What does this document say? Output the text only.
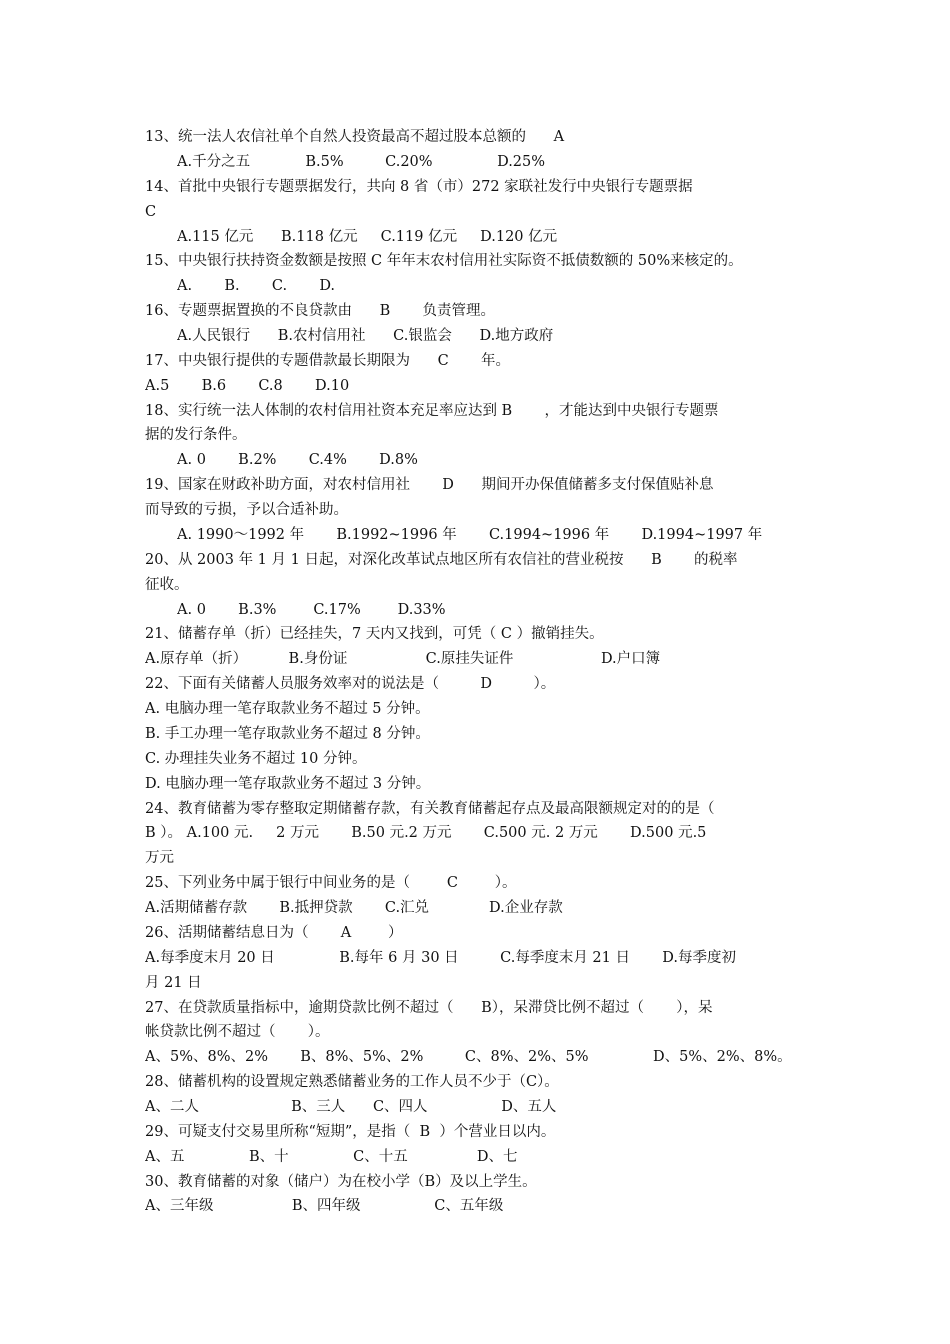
13、统一法人农信社单个自然人投资最高不超过股本总额的      A
A.千分之五            B.5%         C.20%              D.25%
14、首批中央银行专题票据发行，共向 8 省（市）272 家联社发行中央银行专题票据
C
A.115 亿元      B.118 亿元     C.119 亿元     D.120 亿元
15、中央银行扶持资金数额是按照 C 年年末农村信用社实际资不抵债数额的 50%来核定的。
A.       B.       C.       D.
16、专题票据置换的不良贷款由      B       负责管理。
A.人民银行      B.农村信用社      C.银监会      D.地方政府
17、中央银行提供的专题借款最长期限为      C       年。
A.5       B.6       C.8       D.10
18、实行统一法人体制的农村信用社资本充足率应达到 B       ，才能达到中央银行专题票
据的发行条件。
A. 0       B.2%       C.4%       D.8%
19、国家在财政补助方面，对农村信用社       D      期间开办保值储蓄多支付保值贴补息
而导致的亏损，予以合适补助。
A. 1990～1992 年       B.1992~1996 年       C.1994~1996 年       D.1994~1997 年
20、从 2003 年 1 月 1 日起，对深化改革试点地区所有农信社的营业税按      B       的税率
征收。
A. 0       B.3%        C.17%        D.33%
21、储蓄存单（折）已经挂失，7 天内又找到，可凭（ C ）撤销挂失。
A.原存单（折）         B.身份证                 C.原挂失证件                   D.户口簿
22、下面有关储蓄人员服务效率对的说法是（         D         ）。
A. 电脑办理一笔存取款业务不超过 5 分钟。
B. 手工办理一笔存取款业务不超过 8 分钟。
C. 办理挂失业务不超过 10 分钟。
D. 电脑办理一笔存取款业务不超过 3 分钟。
24、教育储蓄为零存整取定期储蓄存款，有关教育储蓄起存点及最高限额规定对的的是（
B ）。 A.100 元.     2 万元       B.50 元.2 万元       C.500 元. 2 万元       D.500 元.5
万元
25、下列业务中属于银行中间业务的是（        C        ）。
A.活期储蓄存款       B.抵押贷款       C.汇兑             D.企业存款
26、活期储蓄结息日为（       A        ）
A.每季度末月 20 日              B.每年 6 月 30 日         C.每季度末月 21 日       D.每季度初
月 21 日
27、在贷款质量指标中，逾期贷款比例不超过（      B），呆滞贷比例不超过（       ），呆
帐贷款比例不超过（       ）。
A、5%、8%、2%       B、8%、5%、2%         C、8%、2%、5%              D、5%、2%、8%。
28、储蓄机构的设置规定熟悉储蓄业务的工作人员不少于（C）。
A、二人                    B、三人      C、四人                D、五人
29、可疑支付交易里所称“短期”，是指（  B  ）个营业日以内。
A、五              B、十              C、十五               D、七
30、教育储蓄的对象（储户）为在校小学（B）及以上学生。
A、三年级                 B、四年级                C、五年级
